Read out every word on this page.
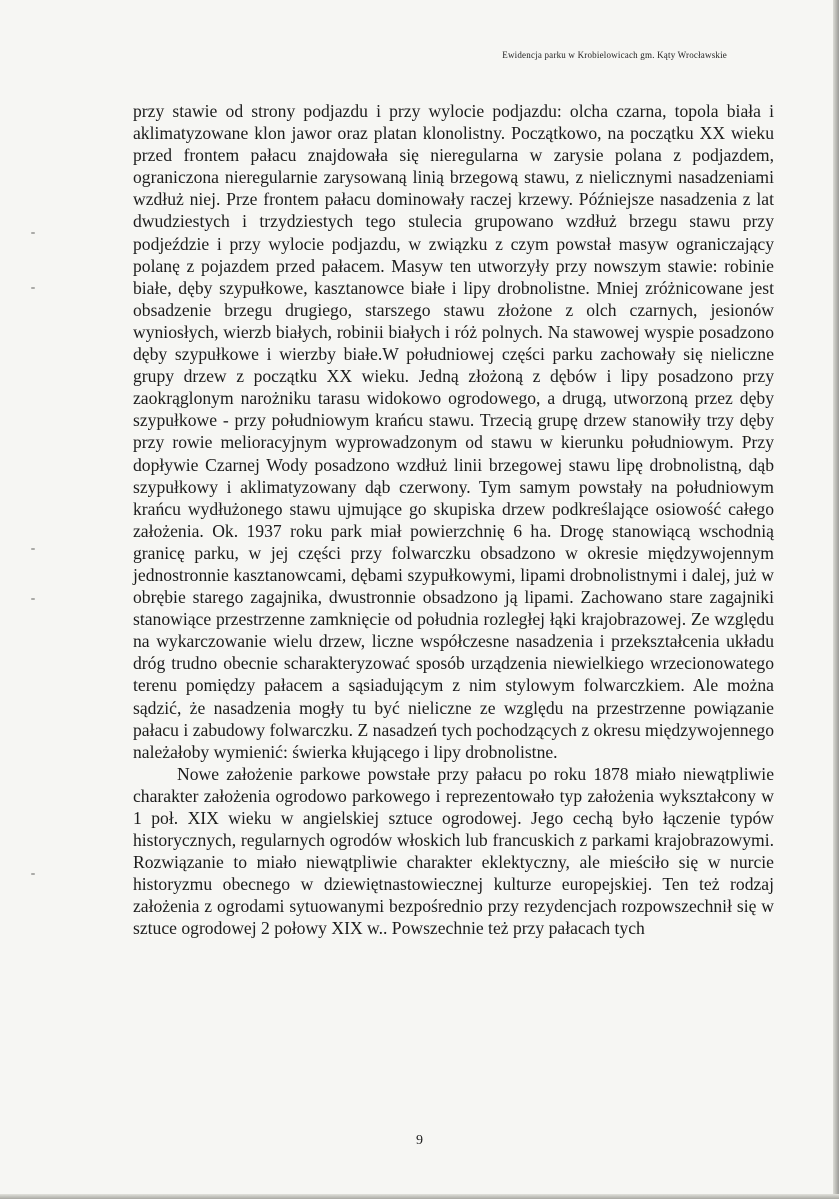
Ewidencja parku w Krobielowicach gm. Kąty Wrocławskie

przy stawie od strony podjazdu i przy wylocie podjazdu: olcha czarna, topola biała i aklimatyzowane klon jawor oraz platan klonolistny. Początkowo, na początku XX wieku przed frontem pałacu znajdowała się nieregularna w zarysie polana z podjazdem, ograniczona nieregularnie zarysowaną linią brzegową stawu, z nielicznymi nasadzeniami wzdłuż niej. Prze frontem pałacu dominowały raczej krzewy. Późniejsze nasadzenia z lat dwudziestych i trzydziestych tego stulecia grupowano wzdłuż brzegu stawu przy podjeździe i przy wylocie podjazdu, w związku z czym powstał masyw ograniczający polanę z pojazdem przed pałacem. Masyw ten utworzyły przy nowszym stawie: robinie białe, dęby szypułkowe, kasztanowce białe i lipy drobnolistne. Mniej zróżnicowane jest obsadzenie brzegu drugiego, starszego stawu złożone z olch czarnych, jesionów wyniosłych, wierzb białych, robinii białych i róż polnych. Na stawowej wyspie posadzono dęby szypułkowe i wierzby białe.W południowej części parku zachowały się nieliczne grupy drzew z początku XX wieku. Jedną złożoną z dębów i lipy posadzono przy zaokrąglonym narożniku tarasu widokowo ogrodowego, a drugą, utworzoną przez dęby szypułkowe - przy południowym krańcu stawu. Trzecią grupę drzew stanowiły trzy dęby przy rowie melioracyjnym wyprowadzonym od stawu w kierunku południowym. Przy dopływie Czarnej Wody posadzono wzdłuż linii brzegowej stawu lipę drobnolistną, dąb szypułkowy i aklimatyzowany dąb czerwony. Tym samym powstały na południowym krańcu wydłużonego stawu ujmujące go skupiska drzew podkreślające osiowość całego założenia. Ok. 1937 roku park miał powierzchnię 6 ha. Drogę stanowiącą wschodnią granicę parku, w jej części przy folwarczku obsadzono w okresie międzywojennym jednostronnie kasztanowcami, dębami szypułkowymi, lipami drobnolistnymi i dalej, już w obrębie starego zagajnika, dwustronnie obsadzono ją lipami. Zachowano stare zagajniki stanowiące przestrzenne zamknięcie od południa rozległej łąki krajobrazowej. Ze względu na wykarczowanie wielu drzew, liczne współczesne nasadzenia i przekształcenia układu dróg trudno obecnie scharakteryzować sposób urządzenia niewielkiego wrzecionowatego terenu pomiędzy pałacem a sąsiadującym z nim stylowym folwarczkiem. Ale można sądzić, że nasadzenia mogły tu być nieliczne ze względu na przestrzenne powiązanie pałacu i zabudowy folwarczku. Z nasadzeń tych pochodzących z okresu międzywojennego należałoby wymienić: świerka kłującego i lipy drobnolistne.

Nowe założenie parkowe powstałe przy pałacu po roku 1878 miało niewątpliwie charakter założenia ogrodowo parkowego i reprezentowało typ założenia wykształcony w 1 poł. XIX wieku w angielskiej sztuce ogrodowej. Jego cechą było łączenie typów historycznych, regularnych ogrodów włoskich lub francuskich z parkami krajobrazowymi. Rozwiązanie to miało niewątpliwie charakter eklektyczny, ale mieściło się w nurcie historyzmu obecnego w dziewiętnastowiecznej kulturze europejskiej. Ten też rodzaj założenia z ogrodami sytuowanymi bezpośrednio przy rezydencjach rozpowszechnił się w sztuce ogrodowej 2 połowy XIX w.. Powszechnie też przy pałacach tych

9
